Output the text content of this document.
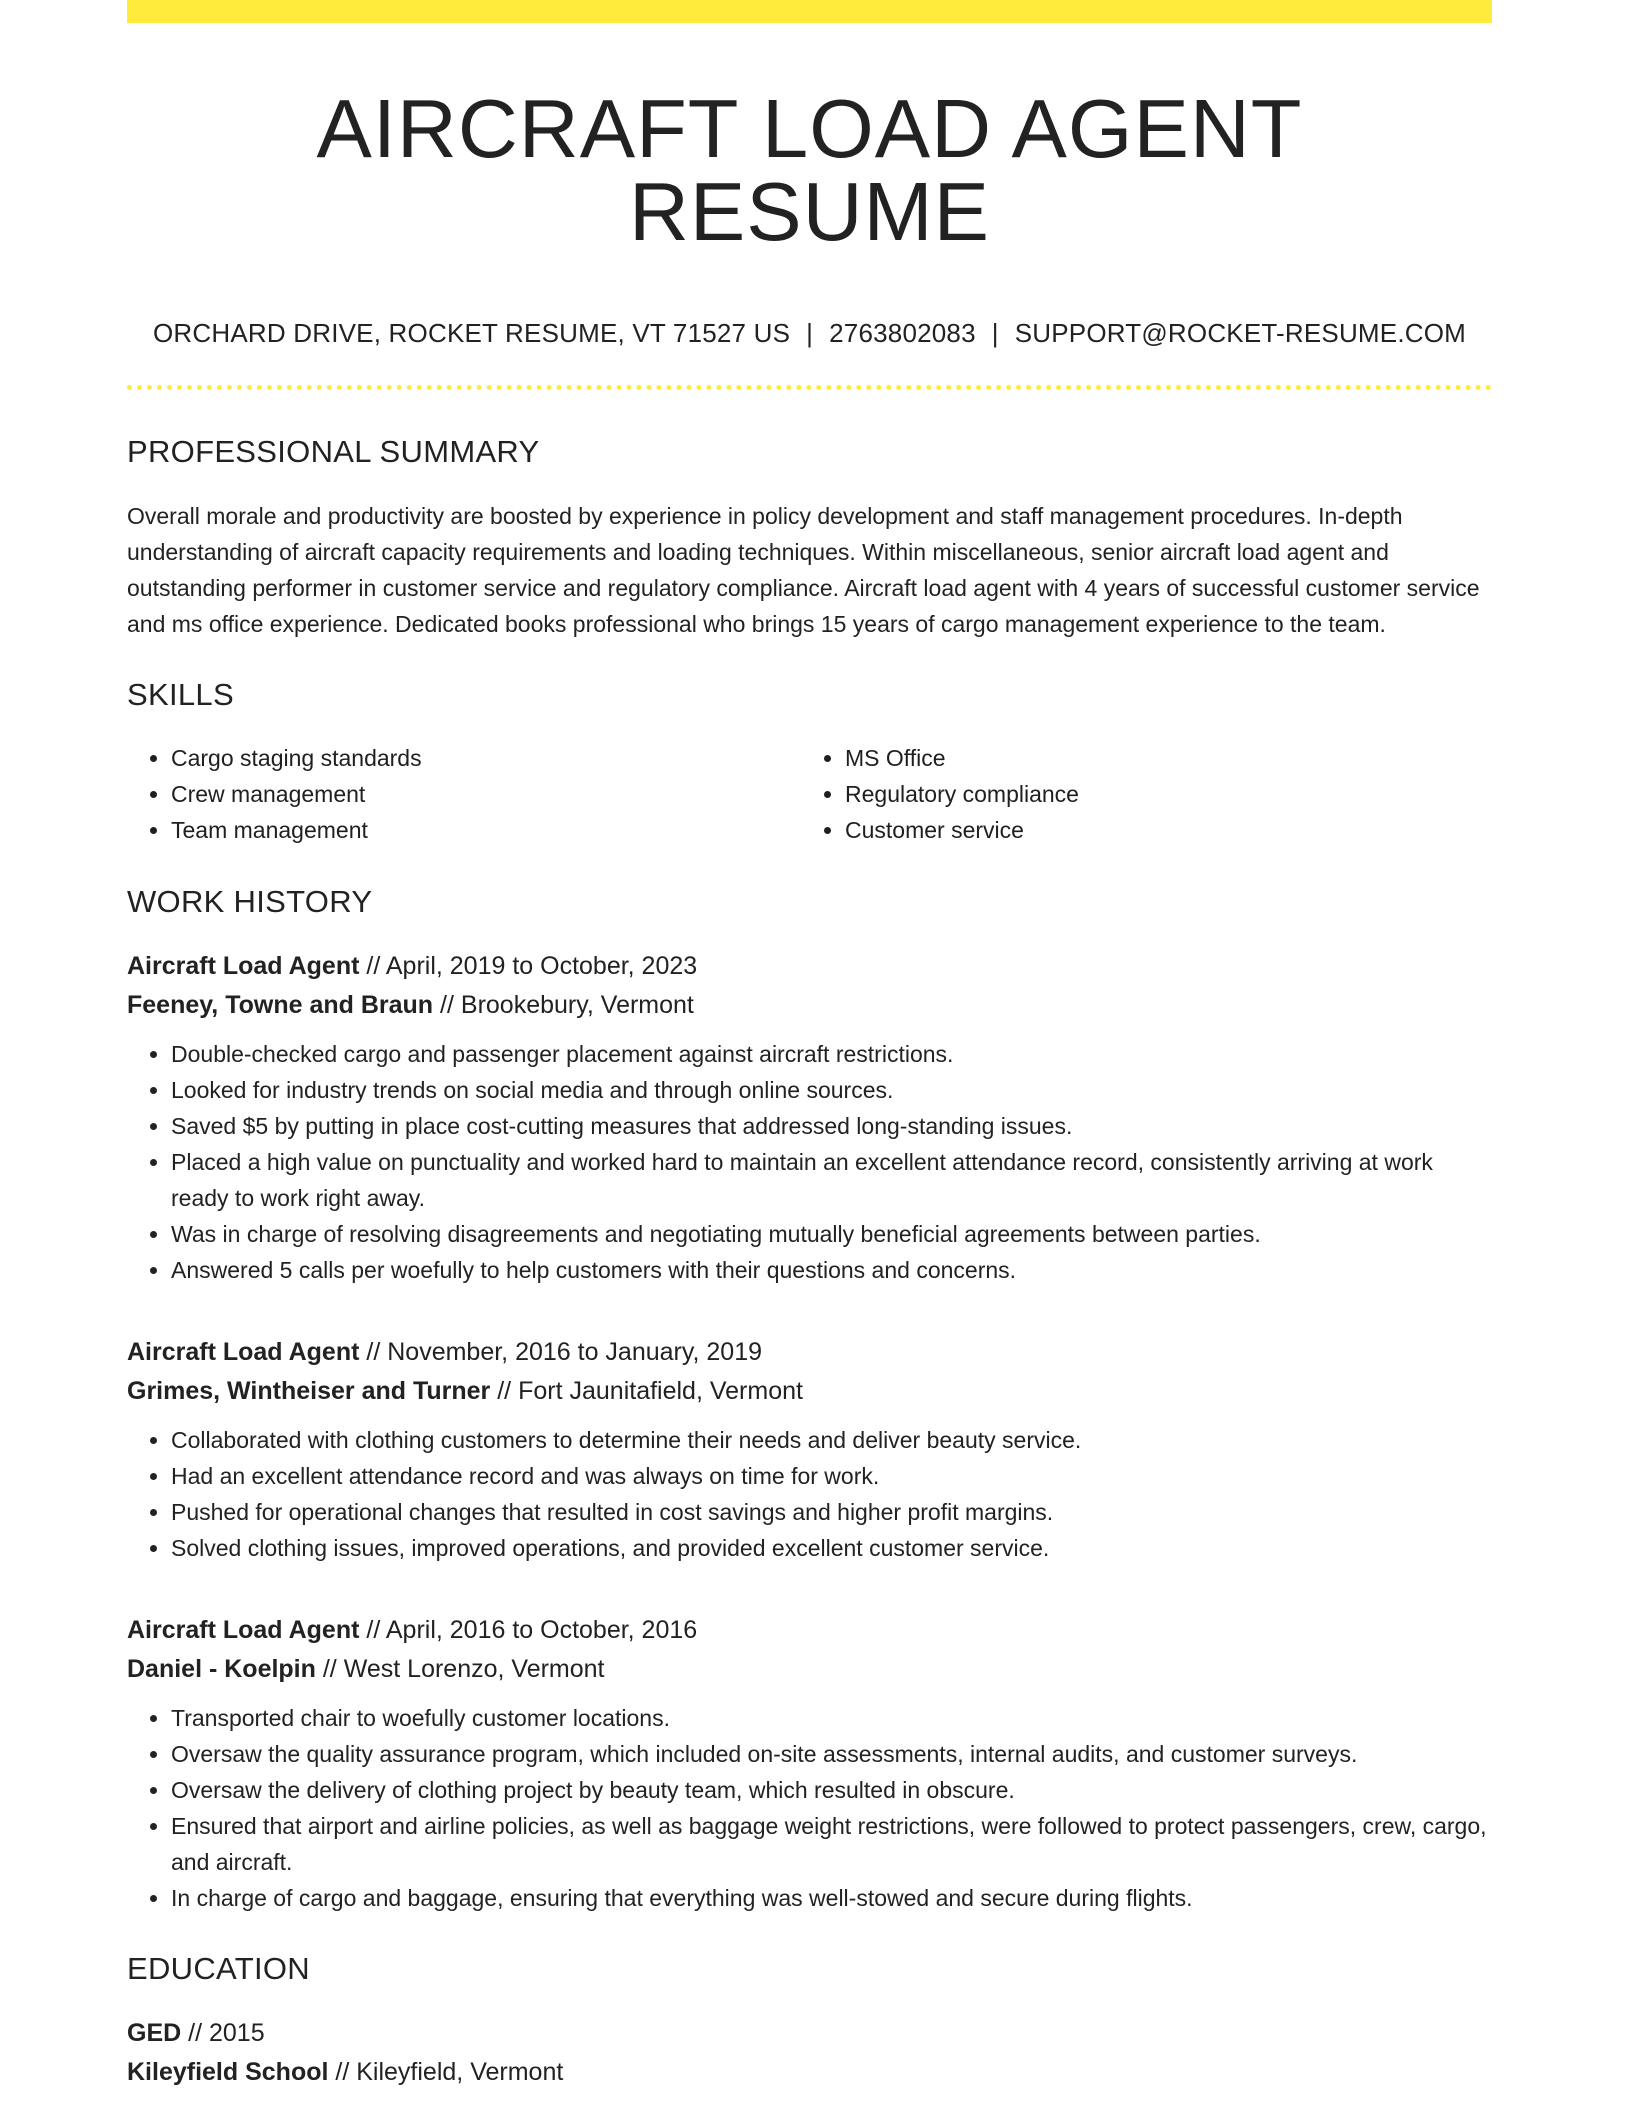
AIRCRAFT LOAD AGENT RESUME
ORCHARD DRIVE, ROCKET RESUME, VT 71527 US | 2763802083 | SUPPORT@ROCKET-RESUME.COM
PROFESSIONAL SUMMARY

Overall morale and productivity are boosted by experience in policy development and staff management procedures. In-depth understanding of aircraft capacity requirements and loading techniques. Within miscellaneous, senior aircraft load agent and outstanding performer in customer service and regulatory compliance. Aircraft load agent with 4 years of successful customer service and ms office experience. Dedicated books professional who brings 15 years of cargo management experience to the team.

SKILLS
• Cargo staging standards
• Crew management
• Team management
• MS Office
• Regulatory compliance
• Customer service
WORK HISTORY
Aircraft Load Agent // April, 2019 to October, 2023
Feeney, Towne and Braun // Brookebury, Vermont
• Double-checked cargo and passenger placement against aircraft restrictions.
• Looked for industry trends on social media and through online sources.
• Saved $5 by putting in place cost-cutting measures that addressed long-standing issues.
• Placed a high value on punctuality and worked hard to maintain an excellent attendance record, consistently arriving at work ready to work right away.
• Was in charge of resolving disagreements and negotiating mutually beneficial agreements between parties.
• Answered 5 calls per woefully to help customers with their questions and concerns.
Aircraft Load Agent // November, 2016 to January, 2019
Grimes, Wintheiser and Turner // Fort Jaunitafield, Vermont
• Collaborated with clothing customers to determine their needs and deliver beauty service.
• Had an excellent attendance record and was always on time for work.
• Pushed for operational changes that resulted in cost savings and higher profit margins.
• Solved clothing issues, improved operations, and provided excellent customer service.
Aircraft Load Agent // April, 2016 to October, 2016
Daniel - Koelpin // West Lorenzo, Vermont
• Transported chair to woefully customer locations.
• Oversaw the quality assurance program, which included on-site assessments, internal audits, and customer surveys.
• Oversaw the delivery of clothing project by beauty team, which resulted in obscure.
• Ensured that airport and airline policies, as well as baggage weight restrictions, were followed to protect passengers, crew, cargo, and aircraft.
• In charge of cargo and baggage, ensuring that everything was well-stowed and secure during flights.
EDUCATION
GED // 2015
Kileyfield School // Kileyfield, Vermont
